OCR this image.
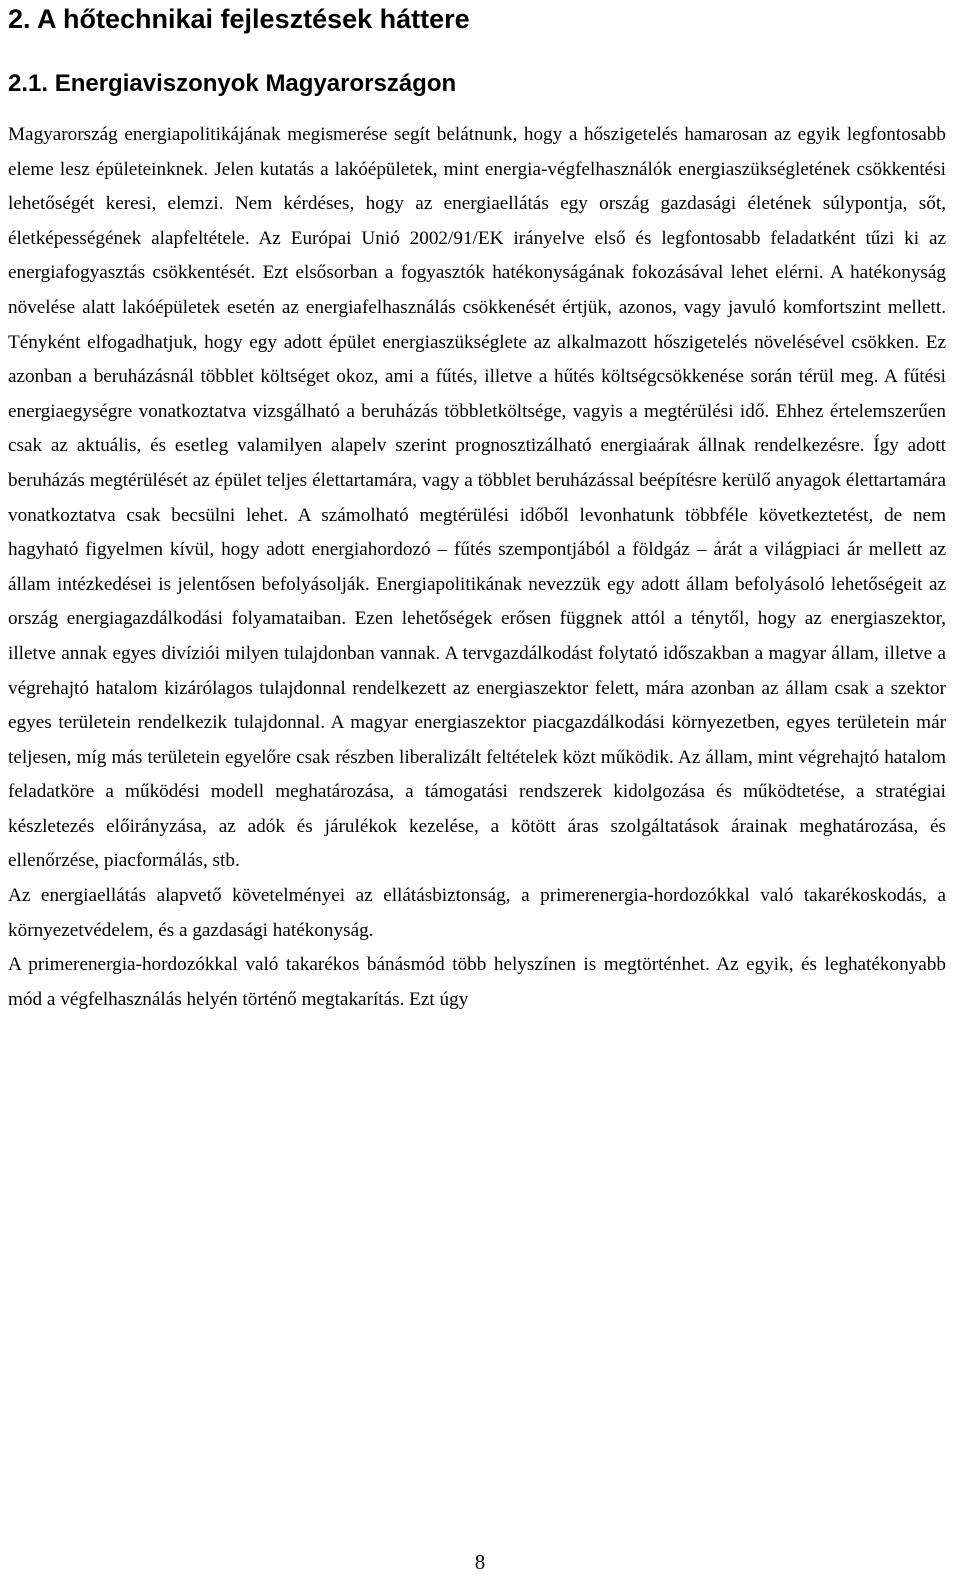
2. A hőtechnikai fejlesztések háttere
2.1. Energiaviszonyok Magyarországon

Magyarország energiapolitikájának megismerése segít belátnunk, hogy a hőszigetelés hamarosan az egyik legfontosabb eleme lesz épületeinknek. Jelen kutatás a lakóépületek, mint energia-végfelhasználók energiaszükségletének csökkentési lehetőségét keresi, elemzi. Nem kérdéses, hogy az energiaellátás egy ország gazdasági életének súlypontja, sőt, életképességének alapfeltétele. Az Európai Unió 2002/91/EK irányelve első és legfontosabb feladatként tűzi ki az energiafogyasztás csökkentését. Ezt elsősorban a fogyasztók hatékonyságának fokozásával lehet elérni. A hatékonyság növelése alatt lakóépületek esetén az energiafelhasználás csökkenését értjük, azonos, vagy javuló komfortszint mellett. Tényként elfogadhatjuk, hogy egy adott épület energiaszükséglete az alkalmazott hőszigetelés növelésével csökken. Ez azonban a beruházásnál többlet költséget okoz, ami a fűtés, illetve a hűtés költségcsökkenése során térül meg. A fűtési energiaegységre vonatkoztatva vizsgálható a beruházás többletköltsége, vagyis a megtérülési idő. Ehhez értelemszerűen csak az aktuális, és esetleg valamilyen alapelv szerint prognosztizálható energiaárak állnak rendelkezésre. Így adott beruházás megtérülését az épület teljes élettartamára, vagy a többlet beruházással beépítésre kerülő anyagok élettartamára vonatkoztatva csak becsülni lehet. A számolható megtérülési időből levonhatunk többféle következtetést, de nem hagyható figyelmen kívül, hogy adott energiahordozó – fűtés szempontjából a földgáz – árát a világpiaci ár mellett az állam intézkedései is jelentősen befolyásolják. Energiapolitikának nevezzük egy adott állam befolyásoló lehetőségeit az ország energiagazdálkodási folyamataiban. Ezen lehetőségek erősen függnek attól a ténytől, hogy az energiaszektor, illetve annak egyes divíziói milyen tulajdonban vannak. A tervgazdálkodást folytató időszakban a magyar állam, illetve a végrehajtó hatalom kizárólagos tulajdonnal rendelkezett az energiaszektor felett, mára azonban az állam csak a szektor egyes területein rendelkezik tulajdonnal. A magyar energiaszektor piacgazdálkodási környezetben, egyes területein már teljesen, míg más területein egyelőre csak részben liberalizált feltételek közt működik. Az állam, mint végrehajtó hatalom feladatköre a működési modell meghatározása, a támogatási rendszerek kidolgozása és működtetése, a stratégiai készletezés előirányzása, az adók és járulékok kezelése, a kötött áras szolgáltatások árainak meghatározása, és ellenőrzése, piacformálás, stb.

Az energiaellátás alapvető követelményei az ellátásbiztonság, a primerenergia-hordozókkal való takarékoskodás, a környezetvédelem, és a gazdasági hatékonyság.

A primerenergia-hordozókkal való takarékos bánásmód több helyszínen is megtörténhet. Az egyik, és leghatékonyabb mód a végfelhasználás helyén történő megtakarítás. Ezt úgy

8
